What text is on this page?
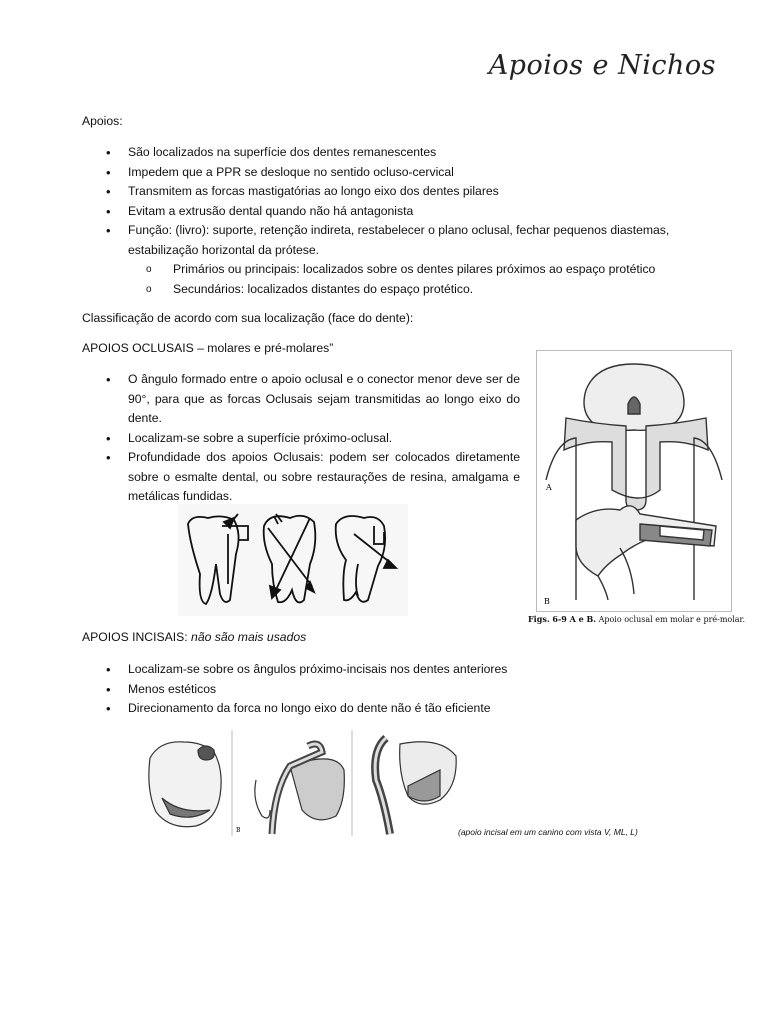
Apoios e Nichos
Apoios:
• São localizados na superfície dos dentes remanescentes
• Impedem que a PPR se desloque no sentido ocluso-cervical
• Transmitem as forcas mastigatórias ao longo eixo dos dentes pilares
• Evitam a extrusão dental quando não há antagonista
• Função: (livro): suporte, retenção indireta, restabelecer o plano oclusal, fechar pequenos diastemas, estabilização horizontal da prótese.
o Primários ou principais: localizados sobre os dentes pilares próximos ao espaço protético
o Secundários: localizados distantes do espaço protético.
Classificação de acordo com sua localização (face do dente):
APOIOS OCLUSAIS – molares e pré-molares”
• O ângulo formado entre o apoio oclusal e o conector menor deve ser de 90°, para que as forcas Oclusais sejam transmitidas ao longo eixo do dente.
• Localizam-se sobre a superfície próximo-oclusal.
• Profundidade dos apoios Oclusais: podem ser colocados diretamente sobre o esmalte dental, ou sobre restaurações de resina, amalgama e metálicas fundidas.
A
B
Figs. 6-9 A e B. Apoio oclusal em molar e pré-molar.
APOIOS INCISAIS: não são mais usados
• Localizam-se sobre os ângulos próximo-incisais nos dentes anteriores
• Menos estéticos
• Direcionamento da forca no longo eixo do dente não é tão eficiente
B	(apoio incisal em um canino com vista V, ML, L)
